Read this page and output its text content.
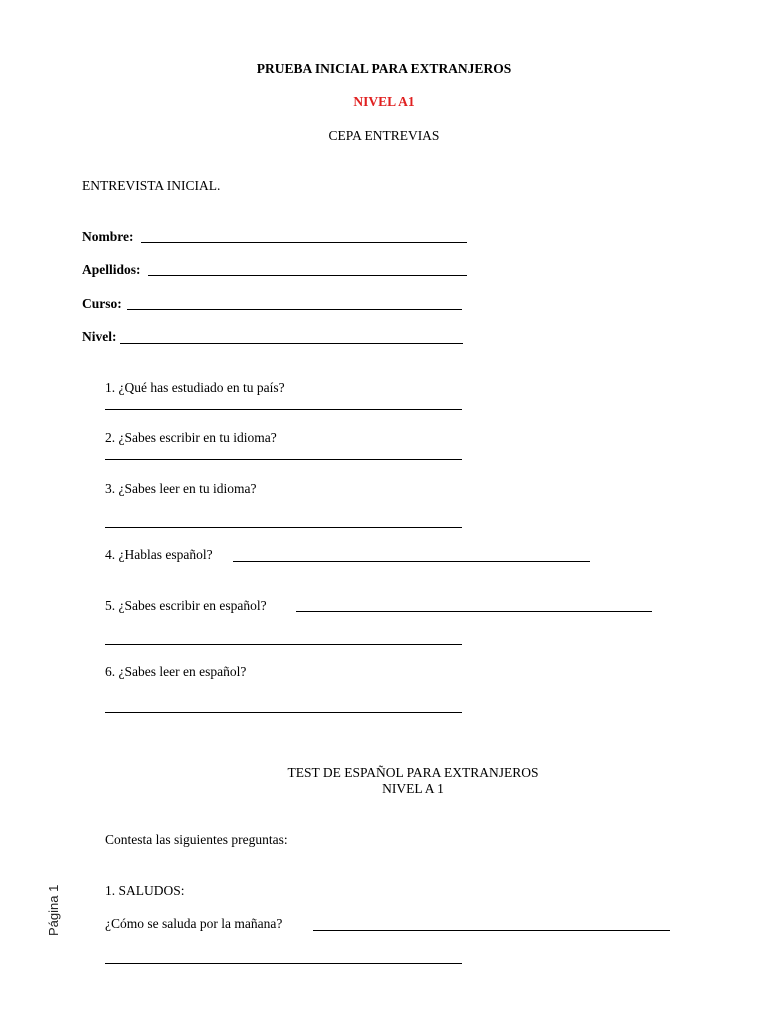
PRUEBA INICIAL PARA EXTRANJEROS
NIVEL A1
CEPA ENTREVIAS
ENTREVISTA INICIAL.
Nombre:
Apellidos:
Curso:
Nivel:
1. ¿Qué has estudiado en tu país?
2. ¿Sabes escribir en tu idioma?
3. ¿Sabes leer en tu idioma?
4. ¿Hablas español?
5. ¿Sabes escribir en español?
6. ¿Sabes leer en español?
TEST DE ESPAÑOL PARA EXTRANJEROS
NIVEL A 1
Contesta las siguientes preguntas:
1. SALUDOS:
¿Cómo se saluda por la mañana?
Página 1
